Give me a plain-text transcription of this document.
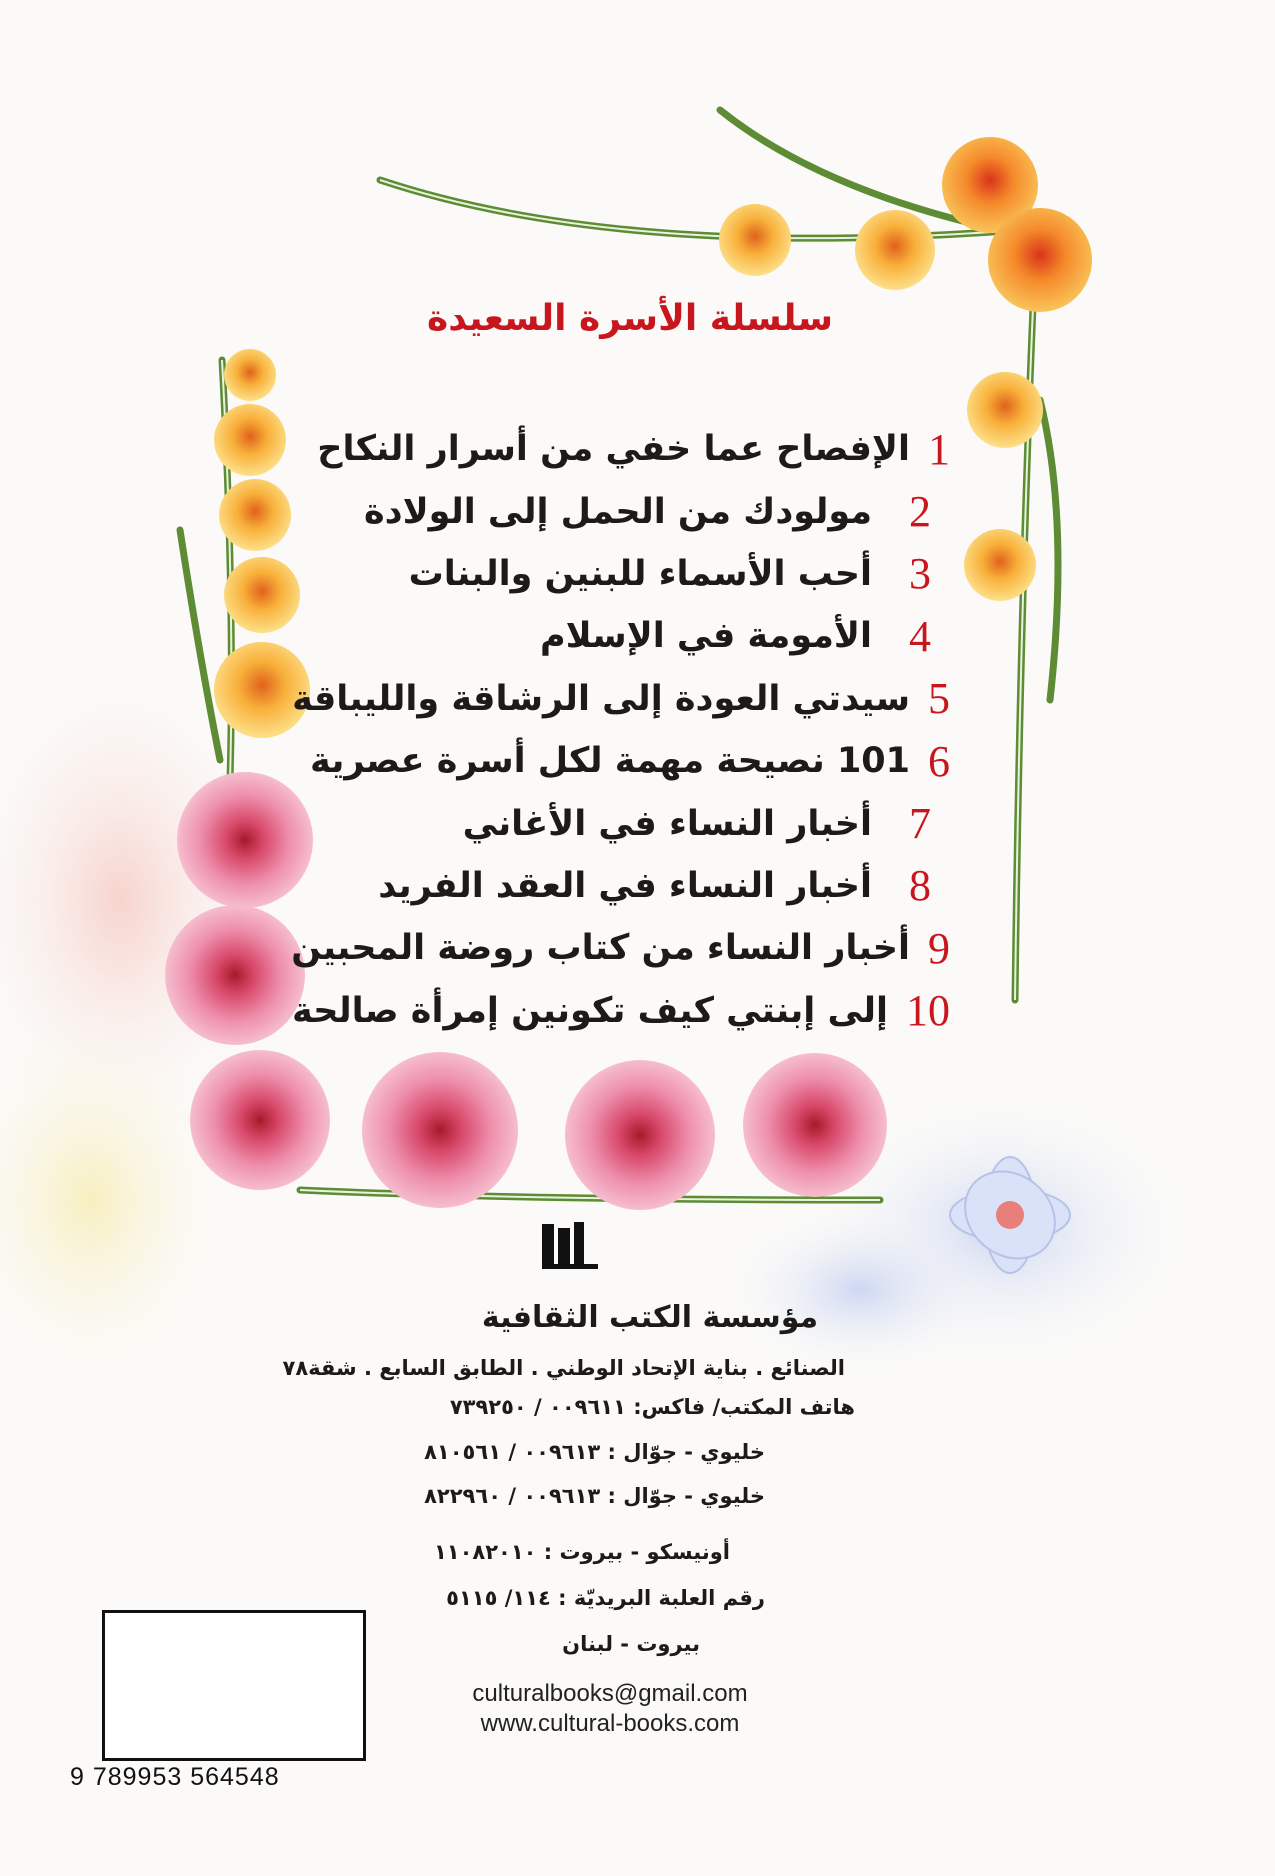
سلسلة الأسرة السعيدة
الإفصاح عما خفي من أسرار النكاح 1
مولودك من الحمل إلى الولادة 2
أحب الأسماء للبنين والبنات 3
الأمومة في الإسلام 4
سيدتي العودة إلى الرشاقة والليباقة 5
101 نصيحة مهمة لكل أسرة عصرية 6
أخبار النساء في الأغاني 7
أخبار النساء في العقد الفريد 8
أخبار النساء من كتاب روضة المحبين 9
إلى إبنتي كيف تكونين إمرأة صالحة 10
مؤسسة الكتب الثقافية
الصنائع . بناية الإتحاد الوطني . الطابق السابع . شقة٧٨
هاتف المكتب/ فاكس: ٠٠٩٦١١ / ٧٣٩٢٥٠
خليوي - جوّال : ٠٠٩٦١٣ / ٨١٠٥٦١
خليوي - جوّال : ٠٠٩٦١٣ / ٨٢٢٩٦٠
أونيسكو - بيروت : ١١٠٨٢٠١٠
رقم العلبة البريديّة : ١١٤/ ٥١١٥
بيروت - لبنان
culturalbooks@gmail.com
www.cultural-books.com
9 789953 564548
